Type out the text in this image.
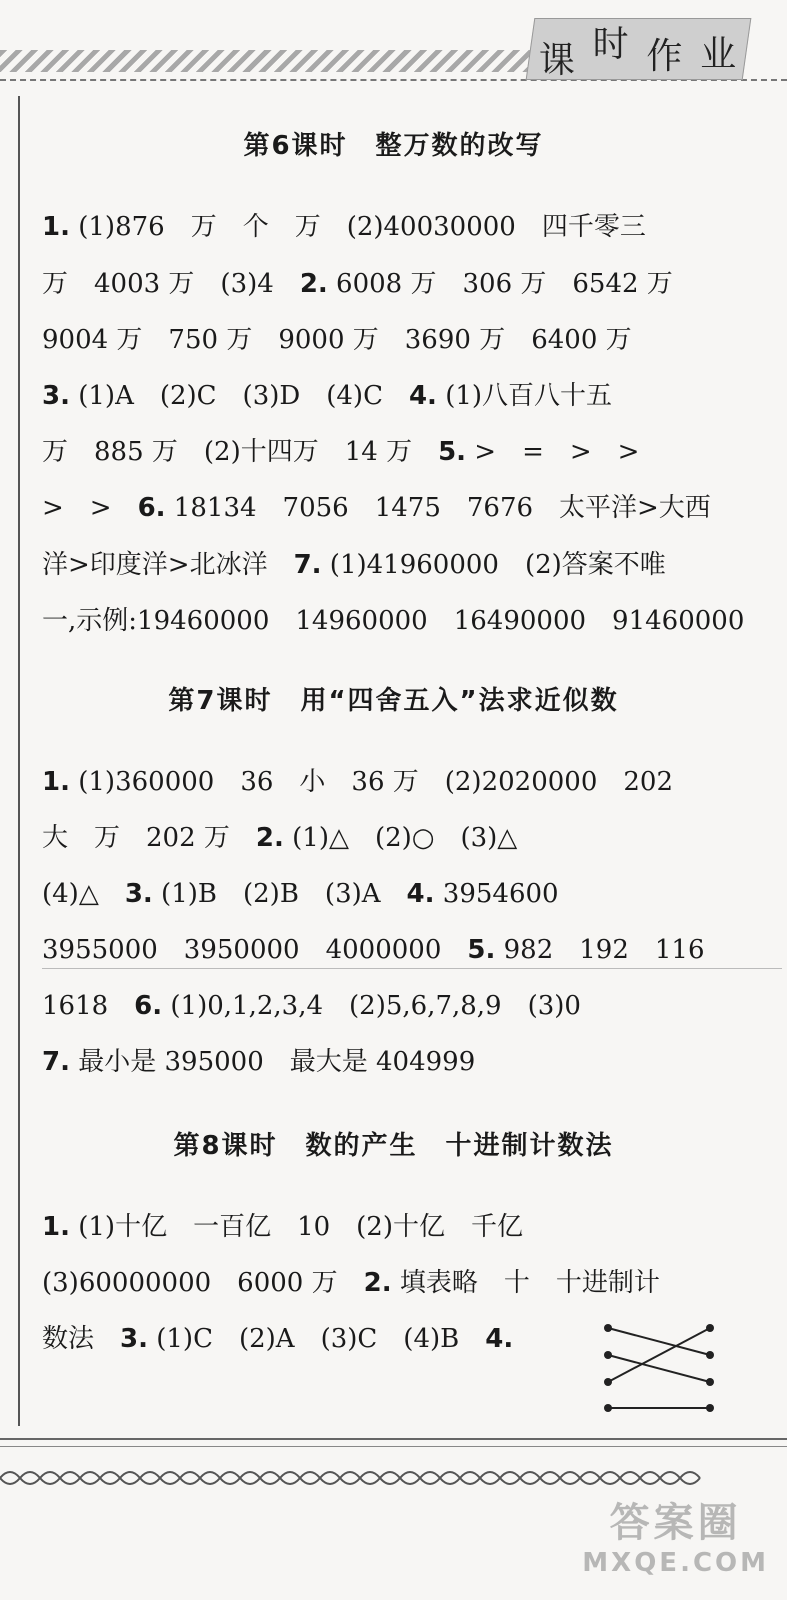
课 时 作 业
第6课时　整万数的改写
1. (1)876　万　个　万　(2)40030000　四千零三
万　4003 万　(3)4　2. 6008 万　306 万　6542 万
9004 万　750 万　9000 万　3690 万　6400 万
3. (1)A　(2)C　(3)D　(4)C　4. (1)八百八十五
万　885 万　(2)十四万　14 万　5. >　=　>　>
>　>　6. 18134　7056　1475　7676　太平洋>大西
洋>印度洋>北冰洋　7. (1)41960000　(2)答案不唯
一,示例:19460000　14960000　16490000　91460000
第7课时　用“四舍五入”法求近似数
1. (1)360000　36　小　36 万　(2)2020000　202
大　万　202 万　2. (1)△　(2)○　(3)△
(4)△　3. (1)B　(2)B　(3)A　4. 3954600
3955000　3950000　4000000　5. 982　192　116
1618　6. (1)0,1,2,3,4　(2)5,6,7,8,9　(3)0
7. 最小是 395000　最大是 404999
第8课时　数的产生　十进制计数法
1. (1)十亿　一百亿　10　(2)十亿　千亿
(3)60000000　6000 万　2. 填表略　十　十进制计
数法　3. (1)C　(2)A　(3)C　(4)B　4.
答案圈
MXQE.COM
